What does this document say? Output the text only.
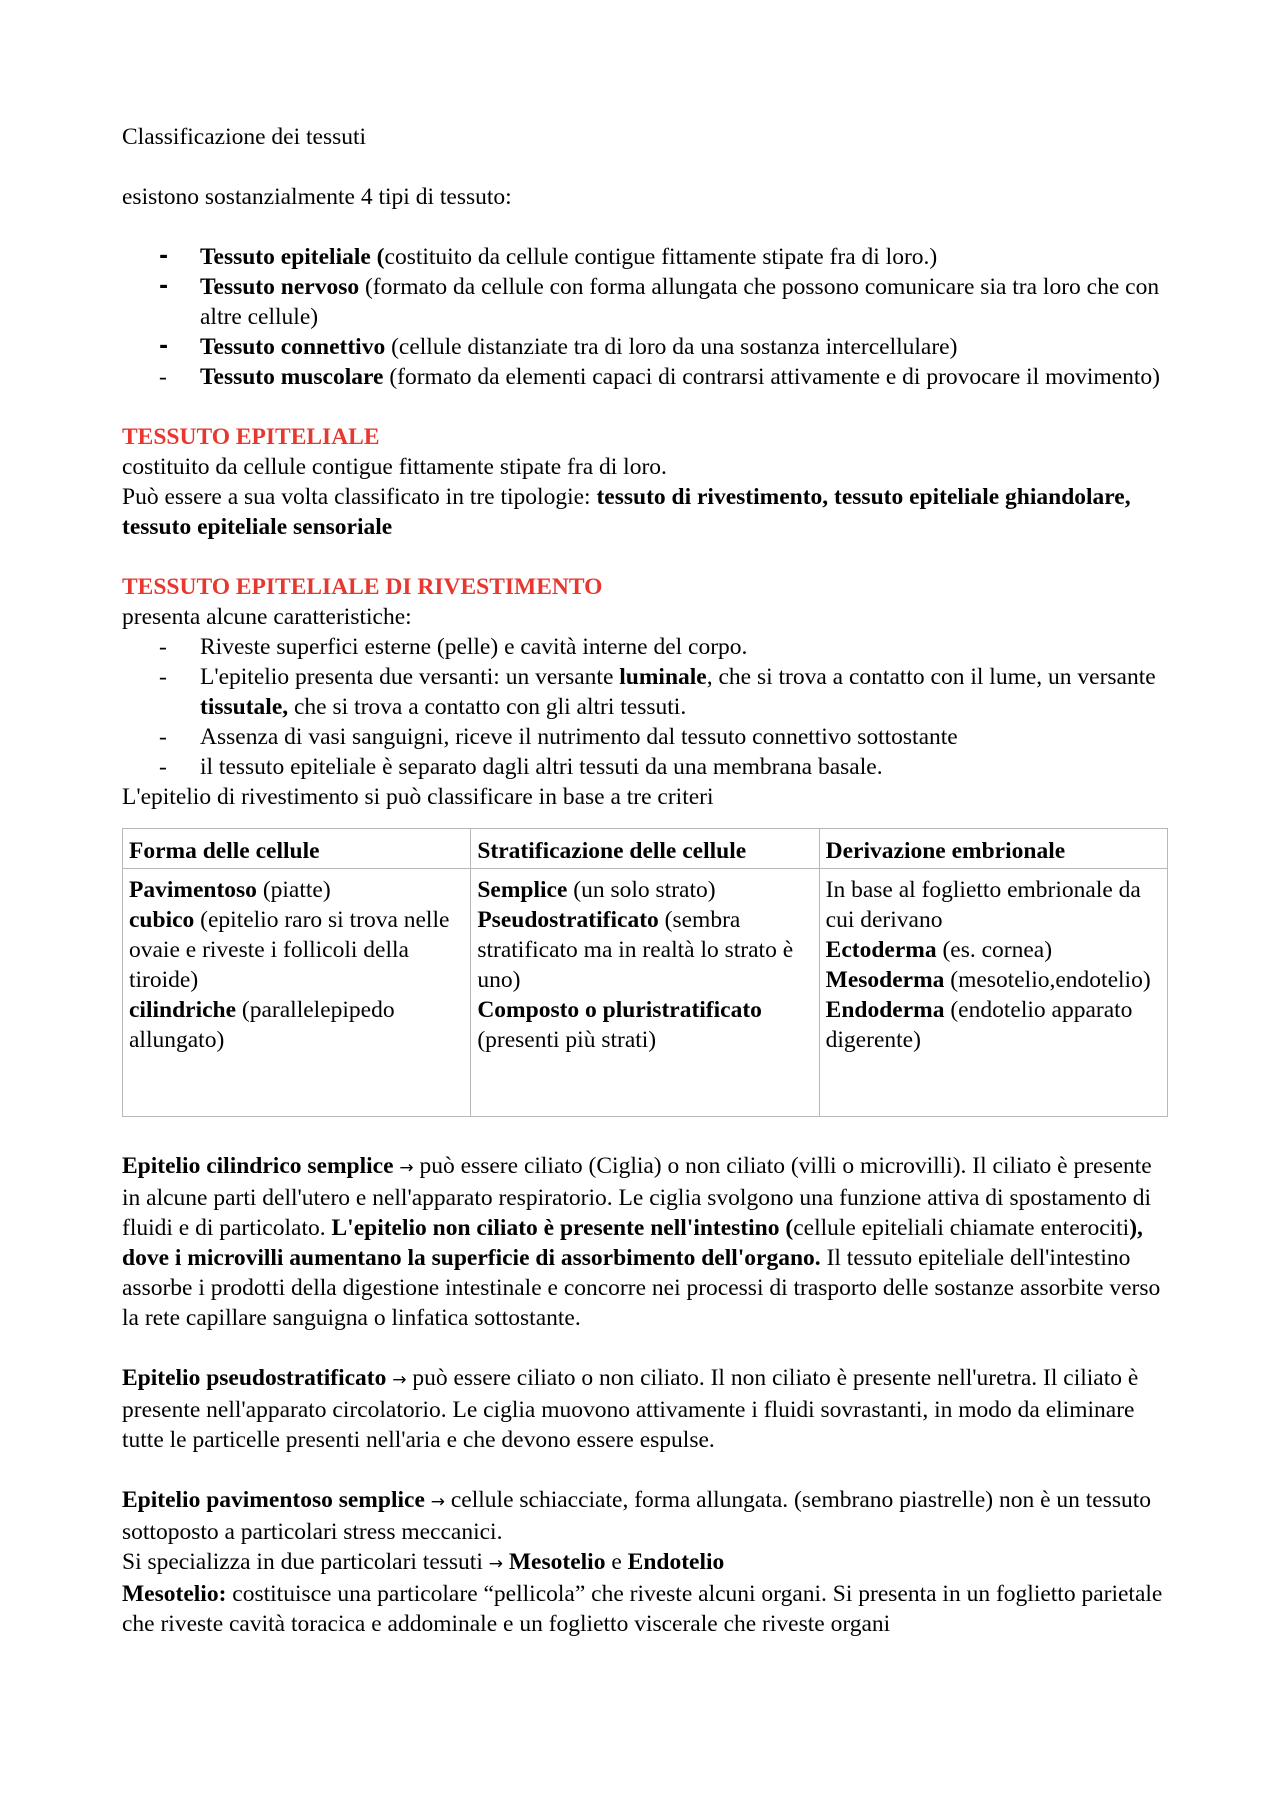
Classificazione dei tessuti

esistono sostanzialmente 4 tipi di tessuto:

- Tessuto epiteliale (costituito da cellule contigue fittamente stipate fra di loro.)
- Tessuto nervoso (formato da cellule con forma allungata che possono comunicare sia tra loro che con altre cellule)
- Tessuto connettivo (cellule distanziate tra di loro da una sostanza intercellulare)
- Tessuto muscolare (formato da elementi capaci di contrarsi attivamente e di provocare il movimento)

TESSUTO EPITELIALE

costituito da cellule contigue fittamente stipate fra di loro.

Può essere a sua volta classificato in tre tipologie: tessuto di rivestimento, tessuto epiteliale ghiandolare, tessuto epiteliale sensoriale

TESSUTO EPITELIALE DI RIVESTIMENTO

presenta alcune caratteristiche:

- Riveste superfici esterne (pelle) e cavità interne del corpo.
- L'epitelio presenta due versanti: un versante luminale, che si trova a contatto con il lume, un versante tissutale, che si trova a contatto con gli altri tessuti.
- Assenza di vasi sanguigni, riceve il nutrimento dal tessuto connettivo sottostante
- il tessuto epiteliale è separato dagli altri tessuti da una membrana basale.

L'epitelio di rivestimento si può classificare in base a tre criteri

Forma delle cellule	Stratificazione delle cellule	Derivazione embrionale
Pavimentoso (piatte)
cubico (epitelio raro si trova nelle ovaie e riveste i follicoli della tiroide)
cilindriche (parallelepipedo allungato)	Semplice (un solo strato)
Pseudostratificato (sembra stratificato ma in realtà lo strato è uno)
Composto o pluristratificato (presenti più strati)	In base al foglietto embrionale da cui derivano
Ectoderma (es. cornea)
Mesoderma (mesotelio,endotelio)
Endoderma (endotelio apparato digerente)

Epitelio cilindrico semplice → può essere ciliato (Ciglia) o non ciliato (villi o microvilli). Il ciliato è presente in alcune parti dell'utero e nell'apparato respiratorio. Le ciglia svolgono una funzione attiva di spostamento di fluidi e di particolato. L'epitelio non ciliato è presente nell'intestino (cellule epiteliali chiamate enterociti), dove i microvilli aumentano la superficie di assorbimento dell'organo. Il tessuto epiteliale dell'intestino assorbe i prodotti della digestione intestinale e concorre nei processi di trasporto delle sostanze assorbite verso la rete capillare sanguigna o linfatica sottostante.

Epitelio pseudostratificato → può essere ciliato o non ciliato. Il non ciliato è presente nell'uretra. Il ciliato è presente nell'apparato circolatorio. Le ciglia muovono attivamente i fluidi sovrastanti, in modo da eliminare tutte le particelle presenti nell'aria e che devono essere espulse.

Epitelio pavimentoso semplice → cellule schiacciate, forma allungata. (sembrano piastrelle) non è un tessuto sottoposto a particolari stress meccanici.

Si specializza in due particolari tessuti → Mesotelio e Endotelio

Mesotelio: costituisce una particolare “pellicola” che riveste alcuni organi. Si presenta in un foglietto parietale che riveste cavità toracica e addominale e un foglietto viscerale che riveste organi
